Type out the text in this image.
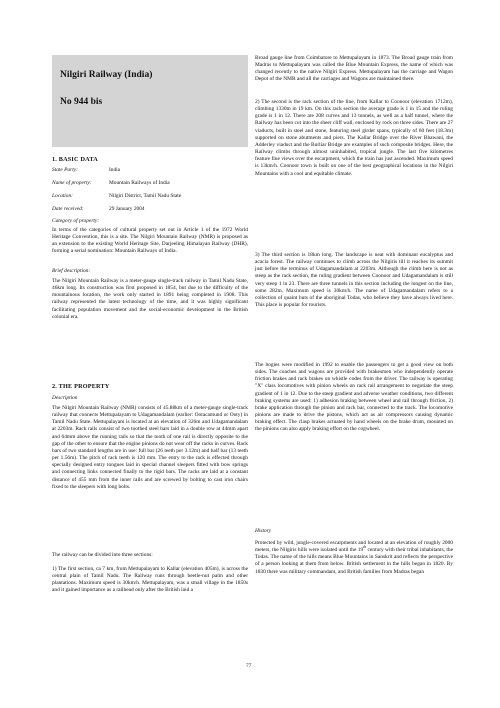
Nilgiri Railway (India)
No 944 bis
1. BASIC DATA
State Party:	India
Name of property:	Mountain Railways of India
Location:	Nilgiri District, Tamil Nadu State
Date received:	29 January 2004
Category of property:

In terms of the categories of cultural property set out in Article 1 of the 1972 World Heritage Convention, this is a site. The Nilgiri Mountain Railway (NMR) is proposed as an extension to the existing World Heritage Site, Darjeeling Himalayan Railway (DHR), forming a serial nomination: Mountain Railways of India.

Brief description:

The Nilgiri Mountain Railway is a meter-gauge single-track railway in Tamil Nadu State, 46km long. Its construction was first proposed in 1854, but due to the difficulty of the mountainous location, the work only started in 1891 being completed in 1908. This railway represented the latest technology of the time, and it was highly significant facilitating population movement and the social-economic development in the British colonial era.

2. THE PROPERTY
Description

The Nilgiri Mountain Railway (NMR) consists of 45.88km of a meter-gauge single-track railway that connects Mettupalayam to Udagamandalam (earlier: Ootacamund or Ooty) in Tamil Nadu State. Mettupalayam is located at an elevation of 326m and Udagamandalam at 2203m. Rack rails consist of two toothed steel bars laid in a double row at 44mm apart and 64mm above the running rails so that the tooth of one rail is directly opposite to the gap of the other to ensure that the engine pinions do not wear off the racks in curves. Rack bars of two standard lengths are in use: full bar (26 teeth per 3.12m) and half bar (13 teeth per 1.56m). The pitch of rack teeth is 120 mm. The entry to the rack is effected through specially designed entry tongues laid in special channel sleepers fitted with bow springs and connecting links connected finally to the rigid bars. The racks are laid at a constant distance of 455 mm from the inner rails and are screwed by bolting to cast iron chairs fixed to the sleepers with long bolts.

The railway can be divided into three sections:

1) The first section, ca 7 km, from Mettupalayam to Kallar (elevation 405m), is across the central plain of Tamil Nadu. The Railway runs through beetle-nut palm and other plantations. Maximum speed is 30km/h. Mettupalayam, was a small village in the 1850s and it gained importance as a railhead only after the British laid a

Broad gauge line from Coimbatore to Mettupalayam in 1873. The Broad gauge train from Madras to Mettupalayam was called the Blue Mountain Express, the name of which was changed recently to the native Nilgiri Express. Mettupalayam has the carriage and Wagon Depot of the NMR and all the carriages and Wagons are maintained there.

2) The second is the rack section of the line, from Kallar to Coonoor (elevation 1712m), climbing 1330m in 19 km. On this rack section the average grade is 1 in 15 and the ruling grade is 1 in 12. There are 208 curves and 13 tunnels, as well as a half tunnel, where the Railway has been cut into the sheer cliff wall, enclosed by rock on three sides. There are 27 viaducts, built in steel and stone, featuring steel girder spans, typically of 60 feet (18.3m) supported on stone abutments and piers. The Kallar Bridge over the River Bhawani, the Adderley viaduct and the Burliar Bridge are examples of such composite bridges. Here, the Railway climbs through almost uninhabited, tropical jungle. The last five kilometres feature fine views over the escarpment, which the train has just ascended. Maximum speed is 13km/h. Coonoor town is built on one of the best geographical locations in the Nilgiri Mountains with a cool and equitable climate.

3) The third section is 18km long. The landscape is neat with dominant eucalyptus and acacia forest. The railway continues to climb across the Nilgiris till it reaches its summit just before the terminus of Udagamandalam at 2203m. Although the climb here is not as steep as the rack section, the ruling gradient between Coonoor and Udagamandalam is still very steep 1 in 23. There are three tunnels in this section including the longest on the line, some 282m. Maximum speed is 30km/h. The name of Udagamandalam refers to a collection of quaint huts of the aboriginal Todas, who believe they have always lived here. This place is popular for tourists.

The bogies were modified in 1992 to enable the passengers to get a good view on both sides. The coaches and wagons are provided with brakesmen who independently operate friction brakes and rack brakes on whistle codes from the driver. The railway is operating "X" class locomotives with pinion wheels on rack rail arrangement to negotiate the steep gradient of 1 in 12. Due to the steep gradient and adverse weather conditions, two different braking systems are used: 1) adhesion braking between wheel and rail through friction, 2) brake application through the pinion and rack bar, connected to the track. The locomotive pinions are made to drive the pistons, which act as air compressors causing dynamic braking effect. The clasp brakes actuated by hand wheels on the brake drum, mounted on the pinions can also apply braking effort on the cogwheel.

History

Protected by wild, jungle-covered escarpments and located at an elevation of roughly 2000 meters, the Nilgiris hills were isolated until the 19th century with their tribal inhabitants, the Todas. The name of the hills means Blue Mountains in Sanskrit and reflects the perspective of a person looking at them from below. British settlement in the hills began in 1820. By 1830 there was military commandant, and British families from Madras began

77
